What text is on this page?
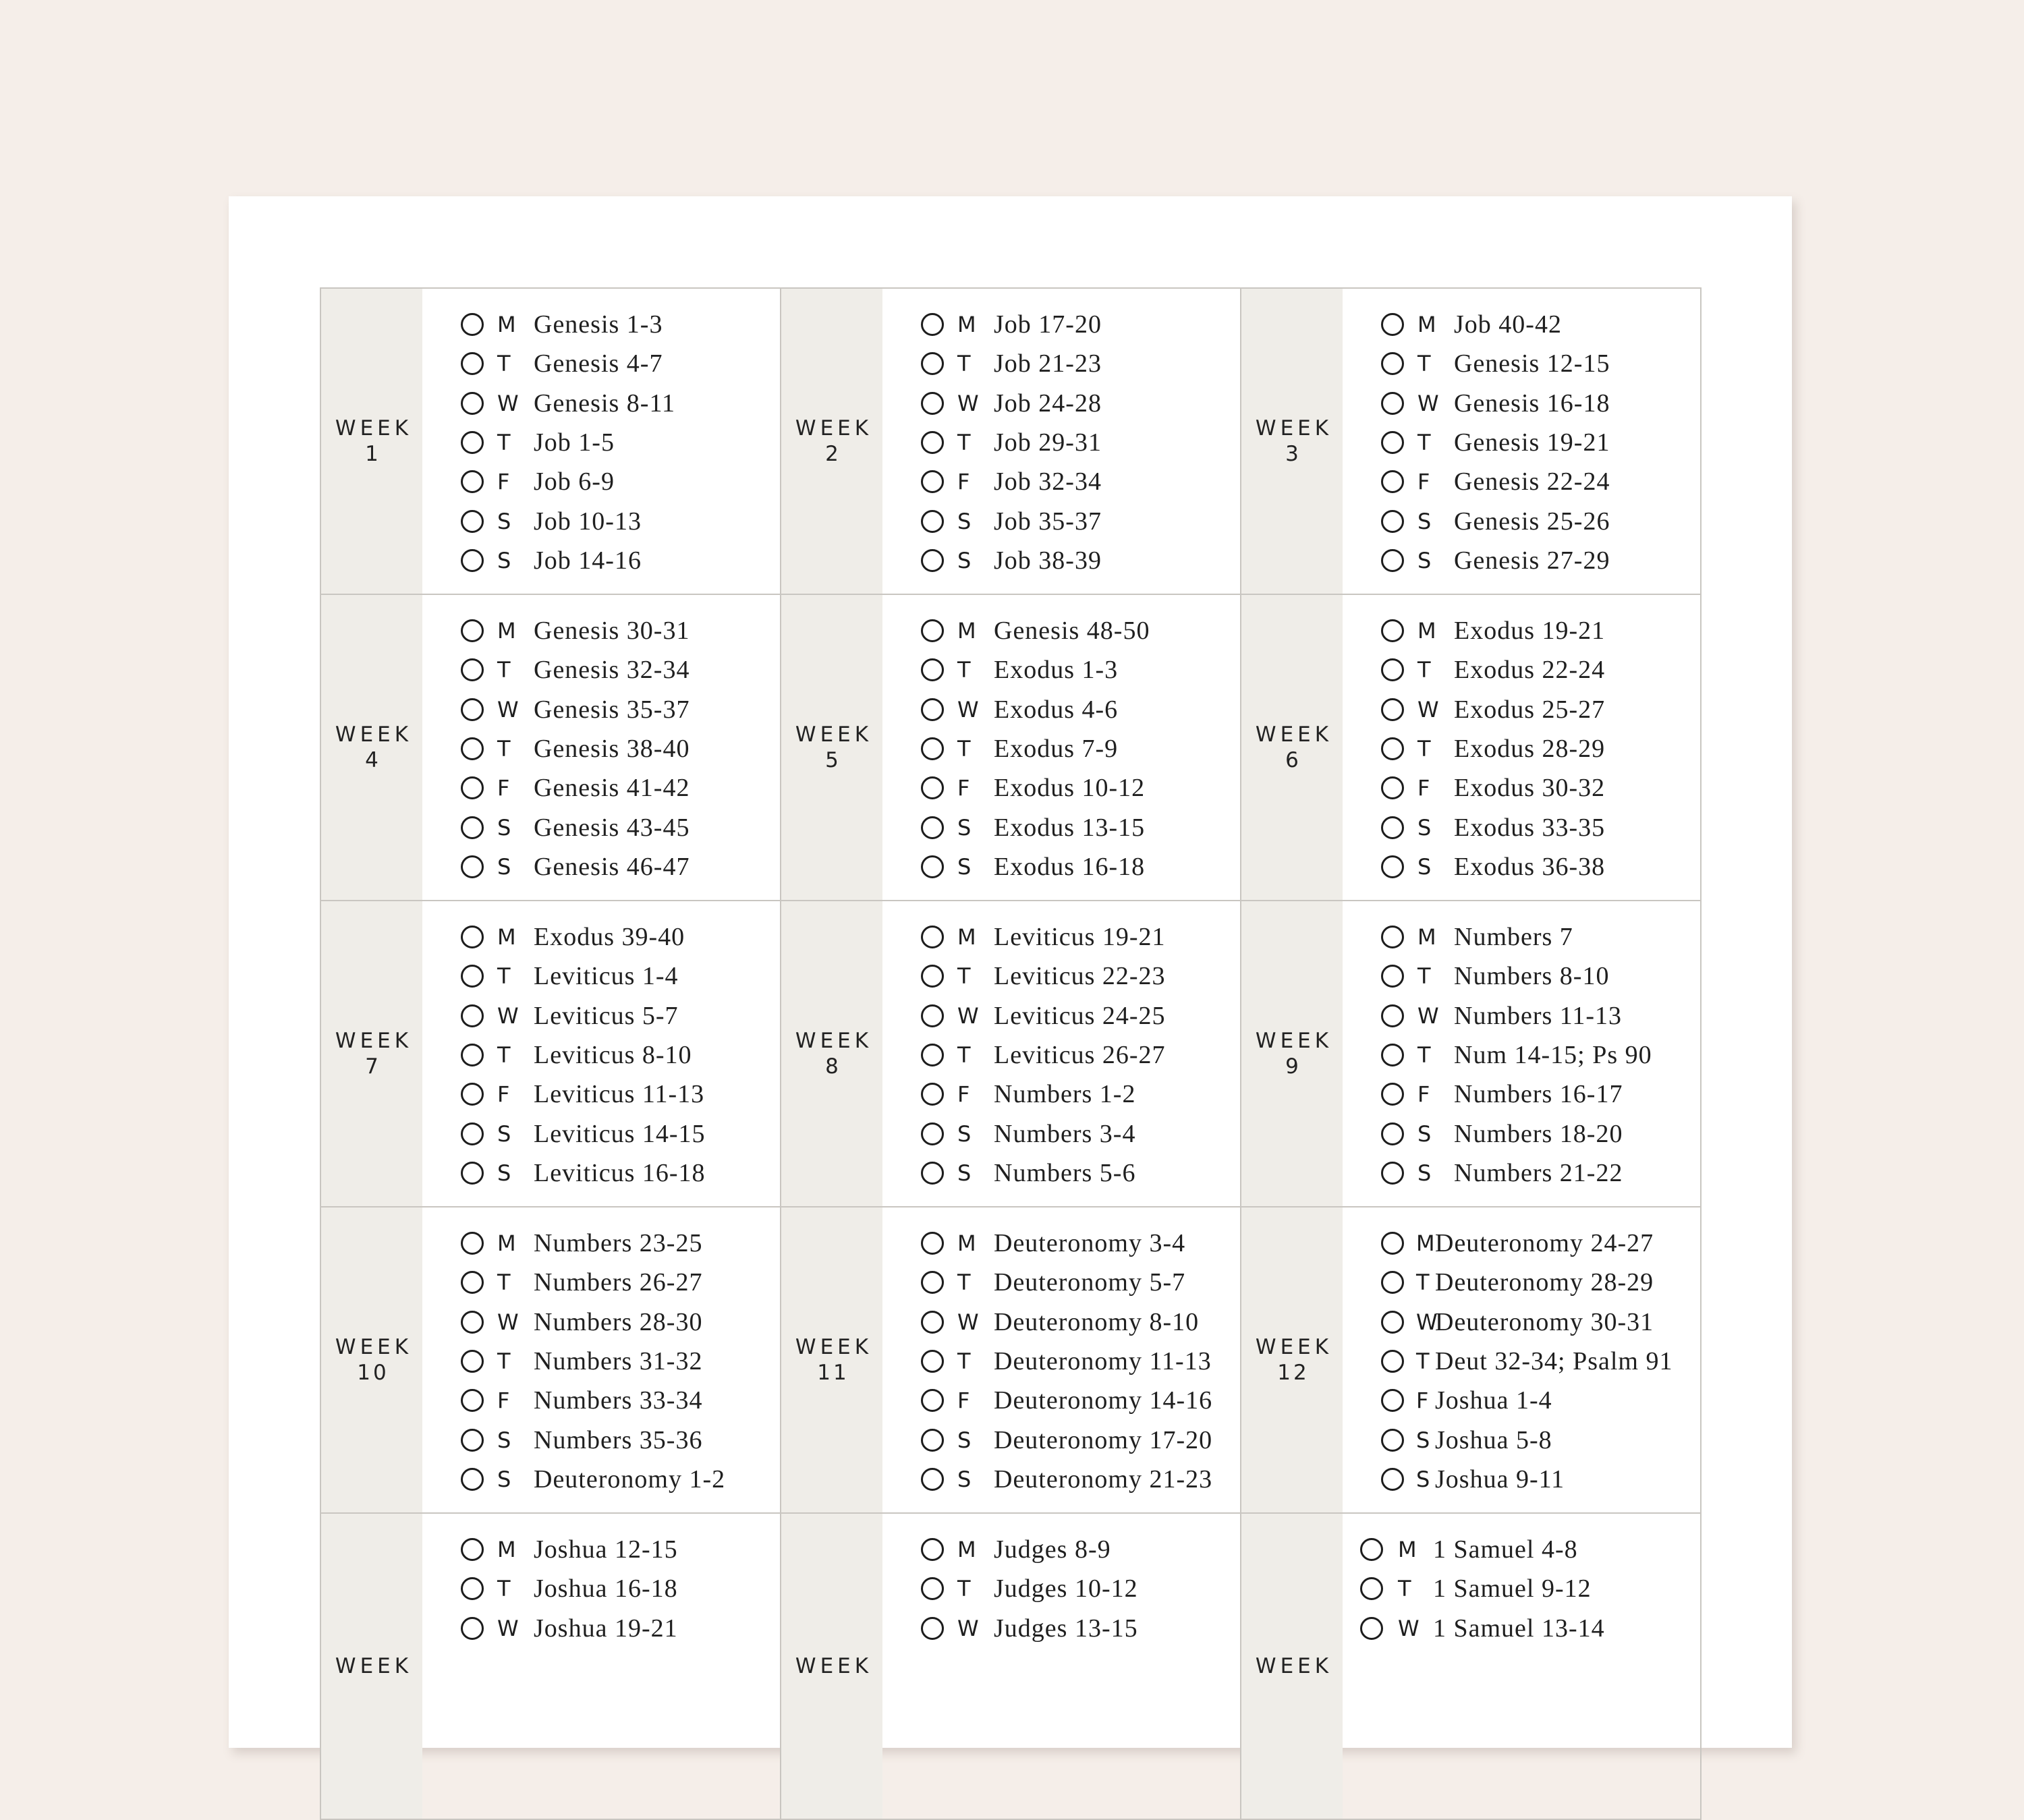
WEEK
1
M Genesis 1-3
T Genesis 4-7
W Genesis 8-11
T Job 1-5
F Job 6-9
S Job 10-13
S Job 14-16
WEEK
2
M Job 17-20
T Job 21-23
W Job 24-28
T Job 29-31
F Job 32-34
S Job 35-37
S Job 38-39
WEEK
3
M Job 40-42
T Genesis 12-15
W Genesis 16-18
T Genesis 19-21
F Genesis 22-24
S Genesis 25-26
S Genesis 27-29
WEEK
4
M Genesis 30-31
T Genesis 32-34
W Genesis 35-37
T Genesis 38-40
F Genesis 41-42
S Genesis 43-45
S Genesis 46-47
WEEK
5
M Genesis 48-50
T Exodus 1-3
W Exodus 4-6
T Exodus 7-9
F Exodus 10-12
S Exodus 13-15
S Exodus 16-18
WEEK
6
M Exodus 19-21
T Exodus 22-24
W Exodus 25-27
T Exodus 28-29
F Exodus 30-32
S Exodus 33-35
S Exodus 36-38
WEEK
7
M Exodus 39-40
T Leviticus 1-4
W Leviticus 5-7
T Leviticus 8-10
F Leviticus 11-13
S Leviticus 14-15
S Leviticus 16-18
WEEK
8
M Leviticus 19-21
T Leviticus 22-23
W Leviticus 24-25
T Leviticus 26-27
F Numbers 1-2
S Numbers 3-4
S Numbers 5-6
WEEK
9
M Numbers 7
T Numbers 8-10
W Numbers 11-13
T Num 14-15; Ps 90
F Numbers 16-17
S Numbers 18-20
S Numbers 21-22
WEEK
10
M Numbers 23-25
T Numbers 26-27
W Numbers 28-30
T Numbers 31-32
F Numbers 33-34
S Numbers 35-36
S Deuteronomy 1-2
WEEK
11
M Deuteronomy 3-4
T Deuteronomy 5-7
W Deuteronomy 8-10
T Deuteronomy 11-13
F Deuteronomy 14-16
S Deuteronomy 17-20
S Deuteronomy 21-23
WEEK
12
M Deuteronomy 24-27
T Deuteronomy 28-29
W
Deuteronomy 30-31
T Deut 32-34; Psalm 91
F Joshua 1-4
S Joshua 5-8
S Joshua 9-11
WEEK
M Joshua 12-15
T Joshua 16-18
W Joshua 19-21
WEEK
M Judges 8-9
T Judges 10-12
W Judges 13-15
WEEK
M 1 Samuel 4-8
T 1 Samuel 9-12
W 1 Samuel 13-14
